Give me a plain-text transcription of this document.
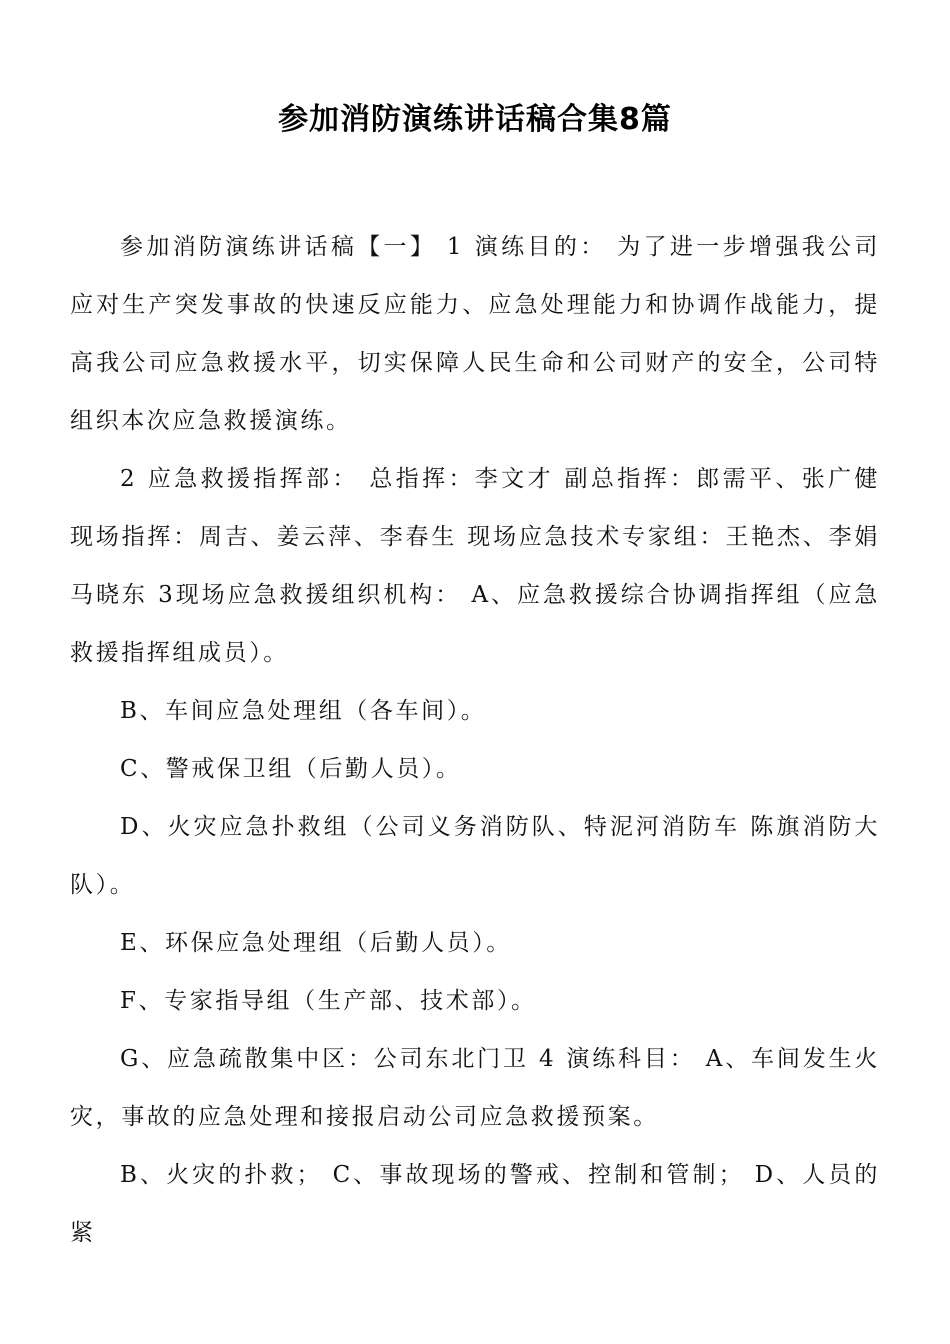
参加消防演练讲话稿合集8篇

参加消防演练讲话稿【一】 1 演练目的： 为了进一步增强我公司应对生产突发事故的快速反应能力、应急处理能力和协调作战能力，提高我公司应急救援水平，切实保障人民生命和公司财产的安全，公司特组织本次应急救援演练。

2 应急救援指挥部： 总指挥：李文才 副总指挥：郎需平、张广健 现场指挥：周吉、姜云萍、李春生 现场应急技术专家组：王艳杰、李娟 马晓东 3现场应急救援组织机构： A、应急救援综合协调指挥组（应急救援指挥组成员）。

B、车间应急处理组（各车间）。

C、警戒保卫组（后勤人员）。

D、火灾应急扑救组（公司义务消防队、特泥河消防车 陈旗消防大队）。

E、环保应急处理组（后勤人员）。

F、专家指导组（生产部、技术部）。

G、应急疏散集中区：公司东北门卫 4 演练科目： A、车间发生火灾，事故的应急处理和接报启动公司应急救援预案。

B、火灾的扑救； C、事故现场的警戒、控制和管制； D、人员的紧
